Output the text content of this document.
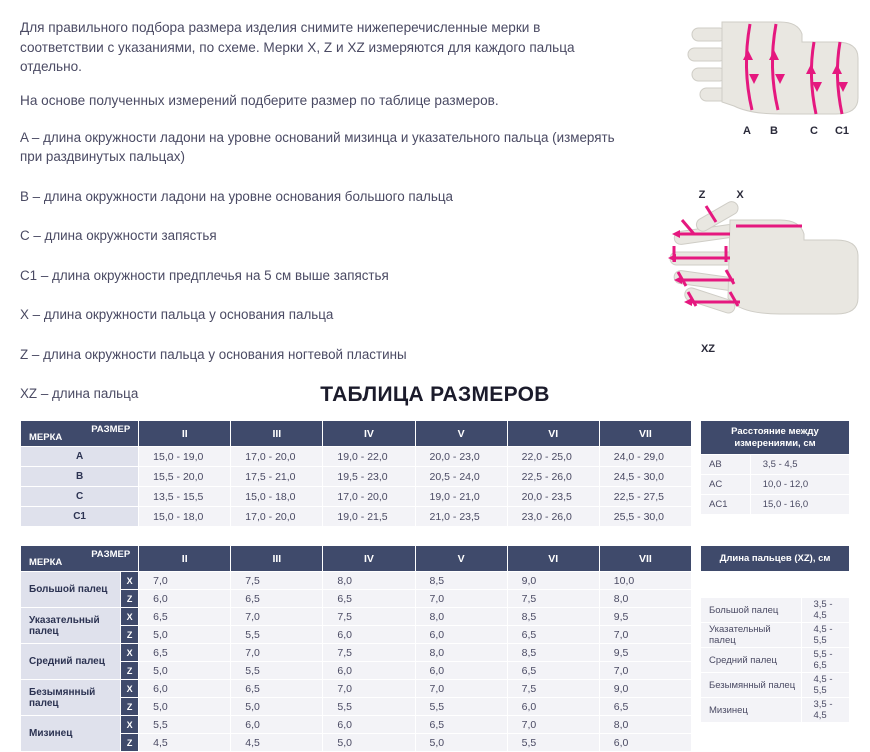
Для правильного подбора размера изделия снимите нижеперечисленные мерки в соответствии с указаниями, по схеме. Мерки X, Z и XZ измеряются для каждого пальца отдельно.

На основе полученных измерений подберите размер по таблице размеров.

A – длина окружности ладони на уровне оснований мизинца и указательного пальца (измерять при раздвинутых пальцах)

B – длина окружности ладони на уровне основания большого пальца

C – длина окружности запястья

C1 – длина окружности предплечья на 5 см выше запястья

X – длина окружности пальца у основания пальца

Z – длина окружности пальца у основания ногтевой пластины

XZ – длина пальца

A B	C C1
Z	X
XZ
ТАБЛИЦА РАЗМЕРОВ
РАЗМЕР
МЕРКА	II	III	IV	V	VI	VII
A	15,0 - 19,0	17,0 - 20,0	19,0 - 22,0	20,0 - 23,0	22,0 - 25,0	24,0 - 29,0
B	15,5 - 20,0	17,5 - 21,0	19,5 - 23,0	20,5 - 24,0	22,5 - 26,0	24,5 - 30,0
C	13,5 - 15,5	15,0 - 18,0	17,0 - 20,0	19,0 - 21,0	20,0 - 23,5	22,5 - 27,5
C1	15,0 - 18,0	17,0 - 20,0	19,0 - 21,5	21,0 - 23,5	23,0 - 26,0	25,5 - 30,0
Расстояние между измерениями, см	
AB	3,5 - 4,5
AC	10,0 - 12,0
AC1	15,0 - 16,0
РАЗМЕР
МЕРКА		II	III	IV	V	VI	VII
Большой палец	X	7,0	7,5	8,0	8,5	9,0	10,0
	Z	6,0	6,5	6,5	7,0	7,5	8,0
Указательный палец	X	6,5	7,0	7,5	8,0	8,5	9,5
	Z	5,0	5,5	6,0	6,0	6,5	7,0
Средний палец	X	6,5	7,0	7,5	8,0	8,5	9,5
	Z	5,0	5,5	6,0	6,0	6,5	7,0
Безымянный палец	X	6,0	6,5	7,0	7,0	7,5	9,0
	Z	5,0	5,0	5,5	5,5	6,0	6,5
Мизинец	X	5,5	6,0	6,0	6,5	7,0	8,0
	Z	4,5	4,5	5,0	5,0	5,5	6,0
Длина пальцев (XZ), см	

Большой палец	3,5 - 4,5
Указательный палец	4,5 - 5,5
Средний палец	5,5 - 6,5
Безымянный палец	4,5 - 5,5
Мизинец	3,5 - 4,5
